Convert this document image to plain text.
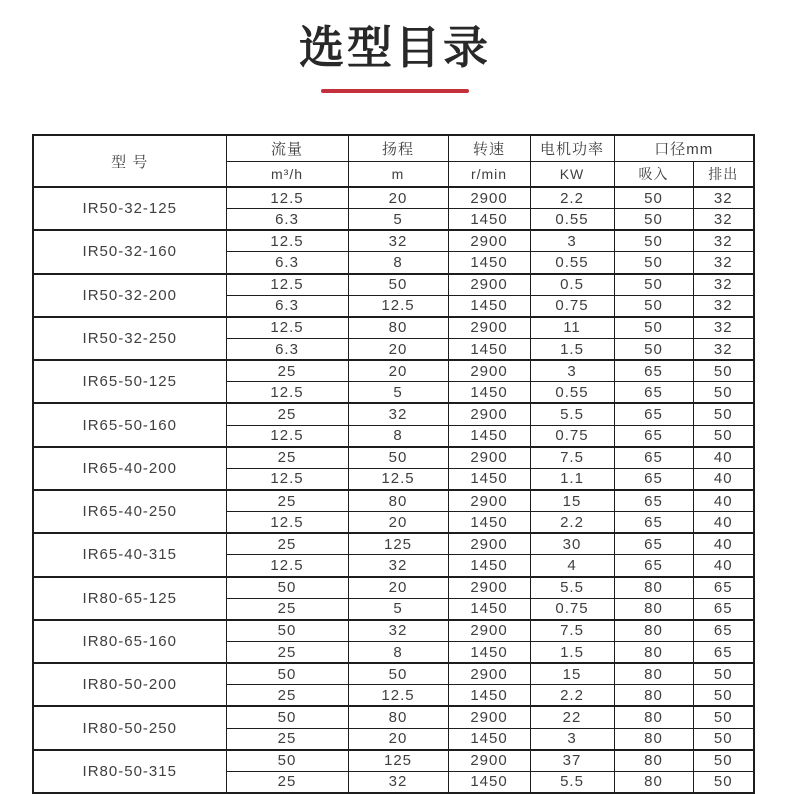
选型目录
型 号	流量	扬程	转速	电机功率	口径mm	
	m³/h	m	r/min	KW	吸入	排出
IR50-32-125	12.5	20	2900	2.2	50	32
	6.3	5	1450	0.55	50	32
IR50-32-160	12.5	32	2900	3	50	32
	6.3	8	1450	0.55	50	32
IR50-32-200	12.5	50	2900	0.5	50	32
	6.3	12.5	1450	0.75	50	32
IR50-32-250	12.5	80	2900	11	50	32
	6.3	20	1450	1.5	50	32
IR65-50-125	25	20	2900	3	65	50
	12.5	5	1450	0.55	65	50
IR65-50-160	25	32	2900	5.5	65	50
	12.5	8	1450	0.75	65	50
IR65-40-200	25	50	2900	7.5	65	40
	12.5	12.5	1450	1.1	65	40
IR65-40-250	25	80	2900	15	65	40
	12.5	20	1450	2.2	65	40
IR65-40-315	25	125	2900	30	65	40
	12.5	32	1450	4	65	40
IR80-65-125	50	20	2900	5.5	80	65
	25	5	1450	0.75	80	65
IR80-65-160	50	32	2900	7.5	80	65
	25	8	1450	1.5	80	65
IR80-50-200	50	50	2900	15	80	50
	25	12.5	1450	2.2	80	50
IR80-50-250	50	80	2900	22	80	50
	25	20	1450	3	80	50
IR80-50-315	50	125	2900	37	80	50
	25	32	1450	5.5	80	50
